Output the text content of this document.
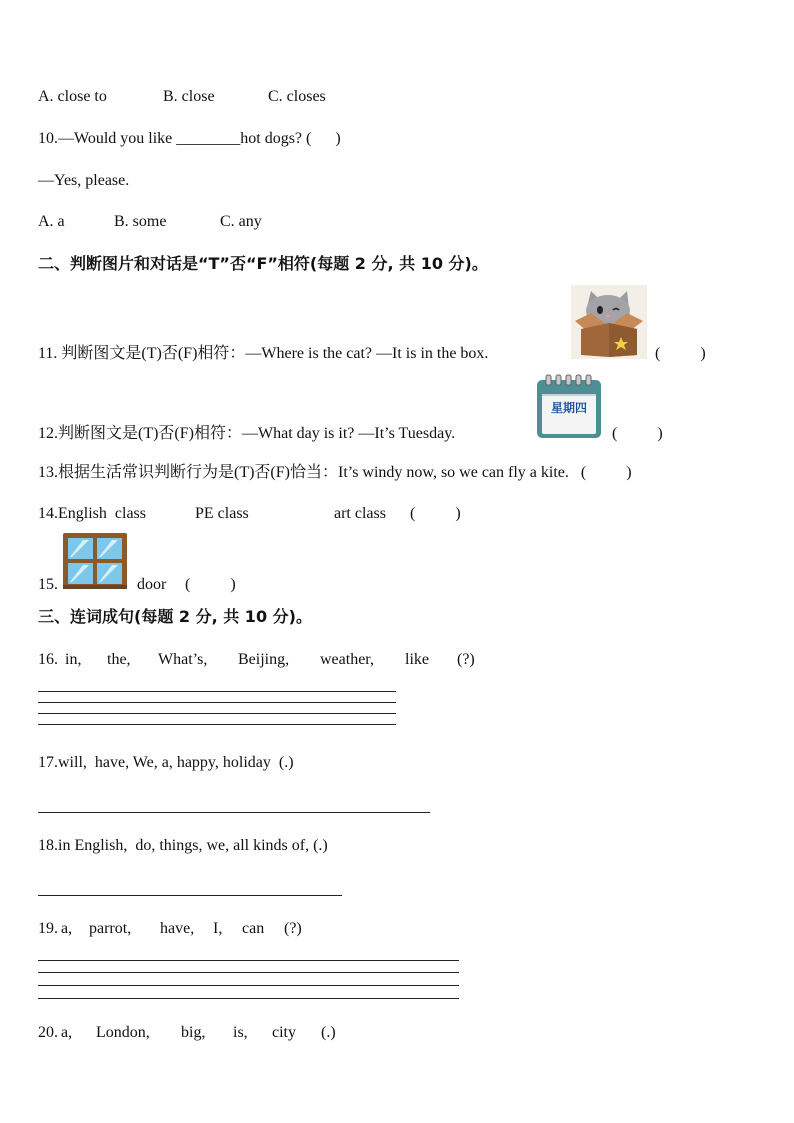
A. close to	B. close	C. closes
10.—Would you like ________hot dogs? (      )
—Yes, please.
A. a	B. some	C. any
二、判断图片和对话是“T”否“F”相符(每题 2 分, 共 10 分)。
11. 判断图文是(T)否(F)相符：—Where is the cat? —It is in the box.	(          )
12.判断图文是(T)否(F)相符：—What day is it? —It’s Tuesday.
星期四
(          )
13.根据生活常识判断行为是(T)否(F)恰当：It’s windy now, so we can fly a kite.   (          )
14.English  class	PE class	art class (          )
15.	door (          )
三、连词成句(每题 2 分, 共 10 分)。
16. in, the, What’s, Beijing, weather, like (?)
17.will,  have, We, a, happy, holiday  (.)
18.in English,  do, things, we, all kinds of, (.)
19. a, parrot, have, I, can (?)
20. a, London, big, is, city (.)
